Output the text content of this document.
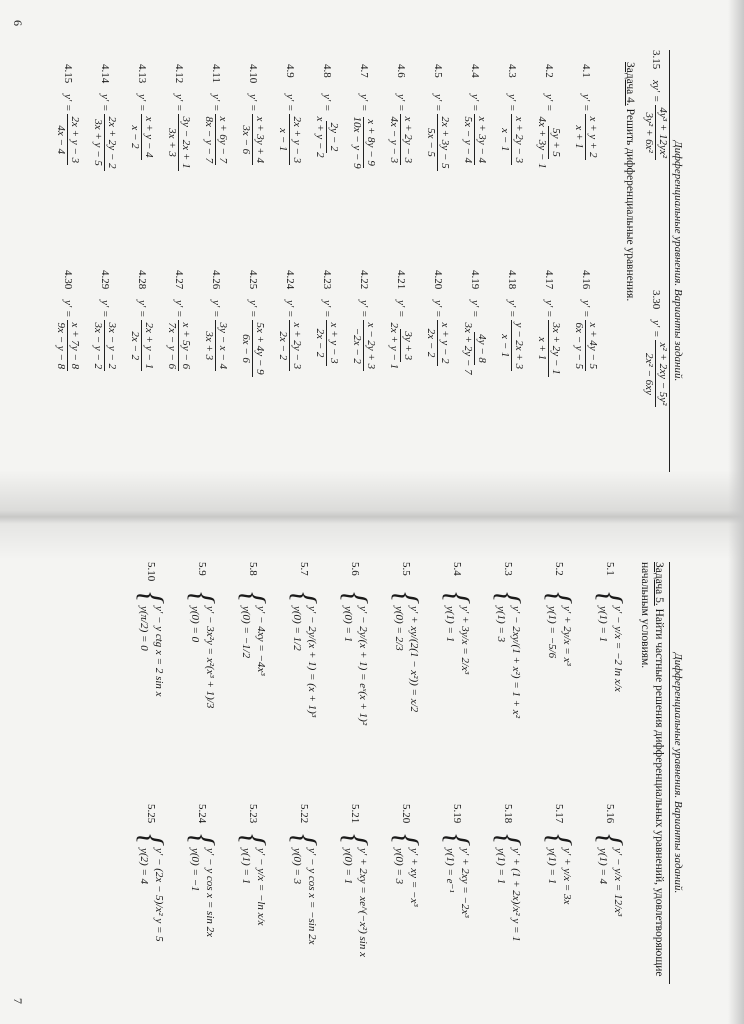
Дифференциальные уравнения. Варианты заданий.
6
3.15
xy′ =
4y³ + 12yx²
3y² + 6x²
3.30
y′ =
x² + 2xy − 5y²
2x² − 6xy
Задача 4. Решить дифференциальные уравнения.
4.1
y′ =
x + y + 2
x + 1
4.2
y′ =
5y + 5
4x + 3y − 1
4.3
y′ =
x + 2y − 3
x − 1
4.4
y′ =
x + 3y − 4
5x − y − 4
4.5
y′ =
2x + 3y − 5
5x − 5
4.6
y′ =
x + 2y − 3
4x − y − 3
4.7
y′ =
x + 8y − 9
10x − y − 9
4.8
y′ =
2y − 2
x + y − 2
4.9
y′ =
2x + y − 3
x − 1
4.10
y′ =
x + 3y + 4
3x − 6
4.11
y′ =
x + 6y − 7
8x − y − 7
4.12
y′ =
3y − 2x + 1
3x + 3
4.13
y′ =
x + y − 4
x − 2
4.14
y′ =
2x + 2y − 2
3x + y − 5
4.15
y′ =
2x + y − 3
4x − 4
4.16
y′ =
x + 4y − 5
6x − y − 5
4.17
y′ =
3x + 2y − 1
x + 1
4.18
y′ =
y − 2x + 3
x − 1
4.19
y′ =
4y − 8
3x + 2y − 7
4.20
y′ =
x + y − 2
2x − 2
4.21
y′ =
3y + 3
2x + y − 1
4.22
y′ =
x − 2y + 3
−2x − 2
4.23
y′ =
x + y − 3
2x − 2
4.24
y′ =
x + 2y − 3
2x − 2
4.25
y′ =
5x + 4y − 9
6x − 6
4.26
y′ =
3y − x − 4
3x + 3
4.27
y′ =
x + 5y − 6
7x − y − 6
4.28
y′ =
2x + y − 1
2x − 2
4.29
y′ =
3x − y − 2
3x − y − 2
4.30
y′ =
x + 7y − 8
9x − y − 8
Дифференциальные уравнения. Варианты заданий.
7
Задача 5. Найти частные решения дифференциальных уравнений, удовлетворяющие начальным условиям.
5.1
{
y′ − y/x = −2 ln x/x
y(1) = 1
5.2
{
y′ + 2y/x = x³
y(1) = −5/6
5.3
{
y′ − 2xy/(1 + x²) = 1 + x²
y(1) = 3
5.4
{
y′ + 3y/x = 2/x³
y(1) = 1
5.5
{
y′ + xy/(2(1 − x²)) = x/2
y(0) = 2/3
5.6
{
y′ − 2y/(x + 1) = eˣ(x + 1)²
y(0) = 1
5.7
{
y′ − 2y/(x + 1) = (x + 1)³
y(0) = 1/2
5.8
{
y′ − 4xy = −4x³
y(0) = −1/2
5.9
{
y′ − 3x²y = x²(x³ + 1)/3
y(0) = 0
5.10
{
y′ − y ctg x = 2 sin x
y(π/2) = 0
5.16
{
y′ − y/x = 12/x³
y(1) = 4
5.17
{
y′ + y/x = 3x
y(1) = 1
5.18
{
y′ + (1 + 2x)/x² y = 1
y(1) = 1
5.19
{
y′ + 2xy = −2x³
y(1) = e⁻¹
5.20
{
y′ + xy = −x³
y(0) = 3
5.21
{
y′ + 2xy = xe^(−x²) sin x
y(0) = 1
5.22
{
y′ − y cos x = −sin 2x
y(0) = 3
5.23
{
y′ − y/x = −ln x/x
y(1) = 1
5.24
{
y′ − y cos x = sin 2x
y(0) = −1
5.25
{
y′ − (2x − 5)/x² y = 5
y(2) = 4
